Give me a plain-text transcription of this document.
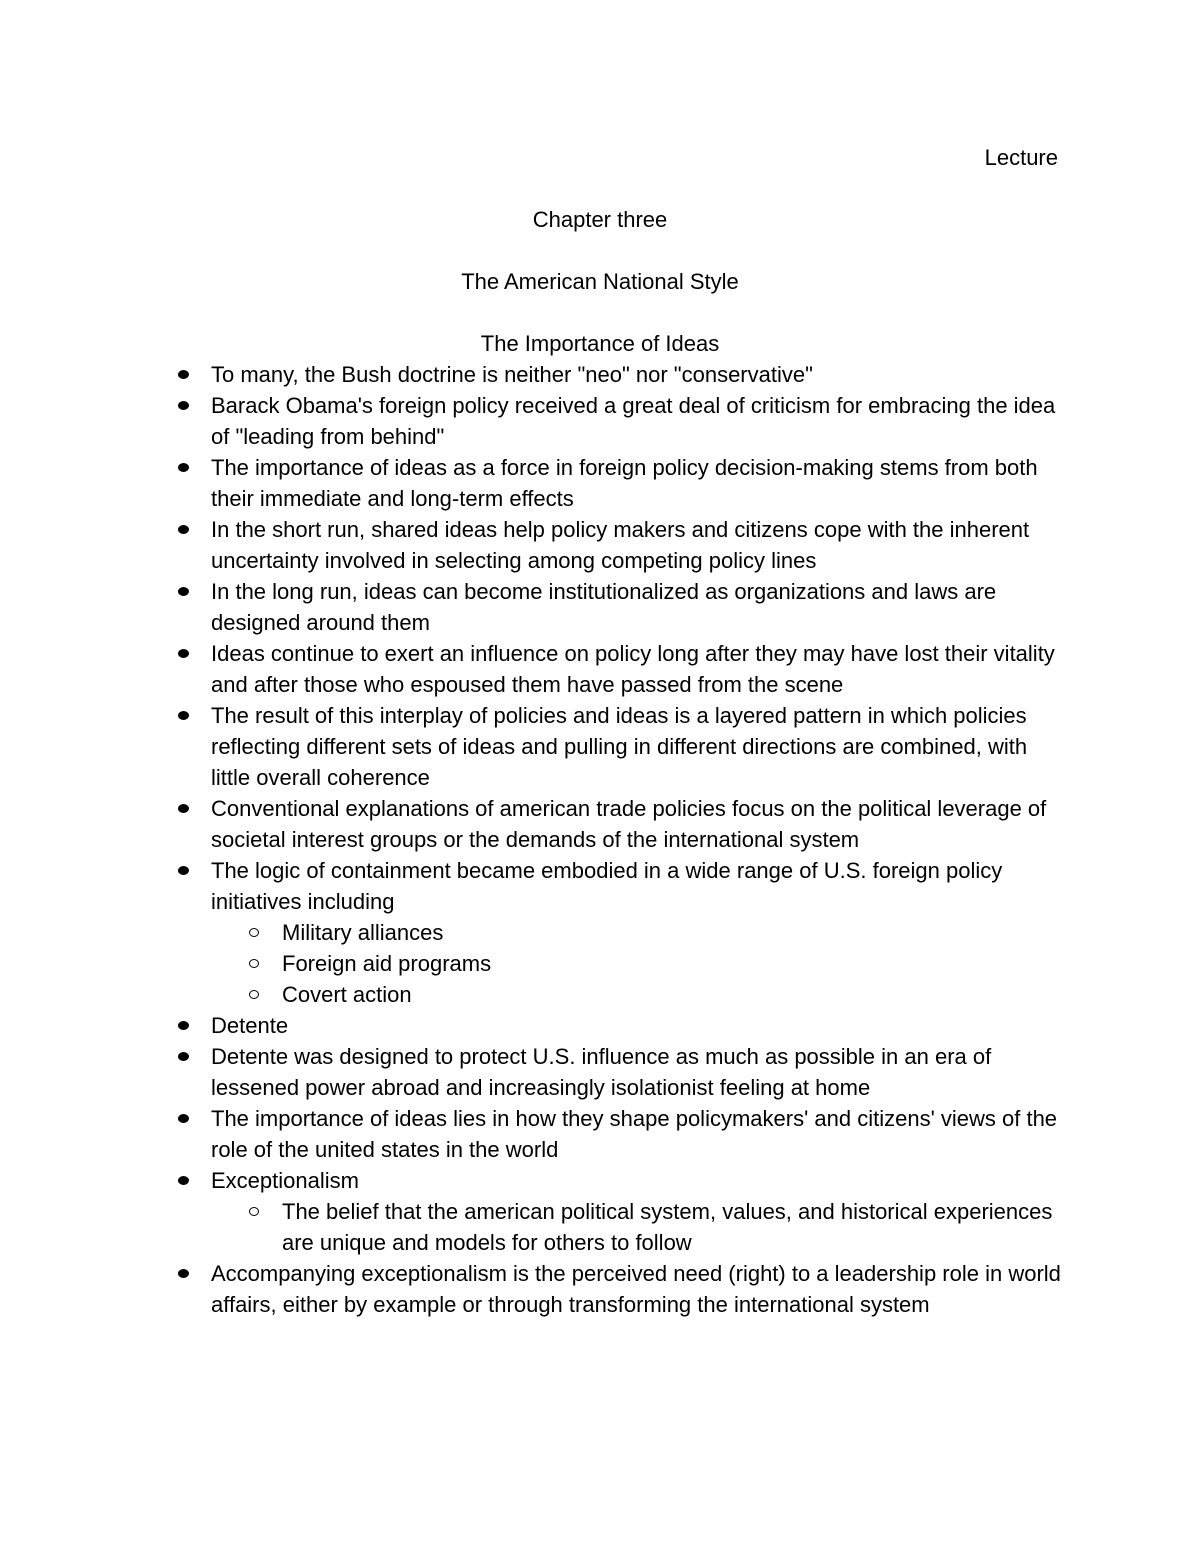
Lecture
Chapter three
The American National Style
The Importance of Ideas
To many, the Bush doctrine is neither "neo" nor "conservative"
Barack Obama's foreign policy received a great deal of criticism for embracing the idea of "leading from behind"
The importance of ideas as a force in foreign policy decision-making stems from both their immediate and long-term effects
In the short run, shared ideas help policy makers and citizens cope with the inherent uncertainty involved in selecting among competing policy lines
In the long run, ideas can become institutionalized as organizations and laws are designed around them
Ideas continue to exert an influence on policy long after they may have lost their vitality and after those who espoused them have passed from the scene
The result of this interplay of policies and ideas is a layered pattern in which policies reflecting different sets of ideas and pulling in different directions are combined, with little overall coherence
Conventional explanations of american trade policies focus on the political leverage of societal interest groups or the demands of the international system
The logic of containment became embodied in a wide range of U.S. foreign policy initiatives including
Military alliances
Foreign aid programs
Covert action
Detente
Detente was designed to protect U.S. influence as much as possible in an era of lessened power abroad and increasingly isolationist feeling at home
The importance of ideas lies in how they shape policymakers' and citizens' views of the role of the united states in the world
Exceptionalism
The belief that the american political system, values, and historical experiences are unique and models for others to follow
Accompanying exceptionalism is the perceived need (right) to a leadership role in world affairs, either by example or through transforming the international system
